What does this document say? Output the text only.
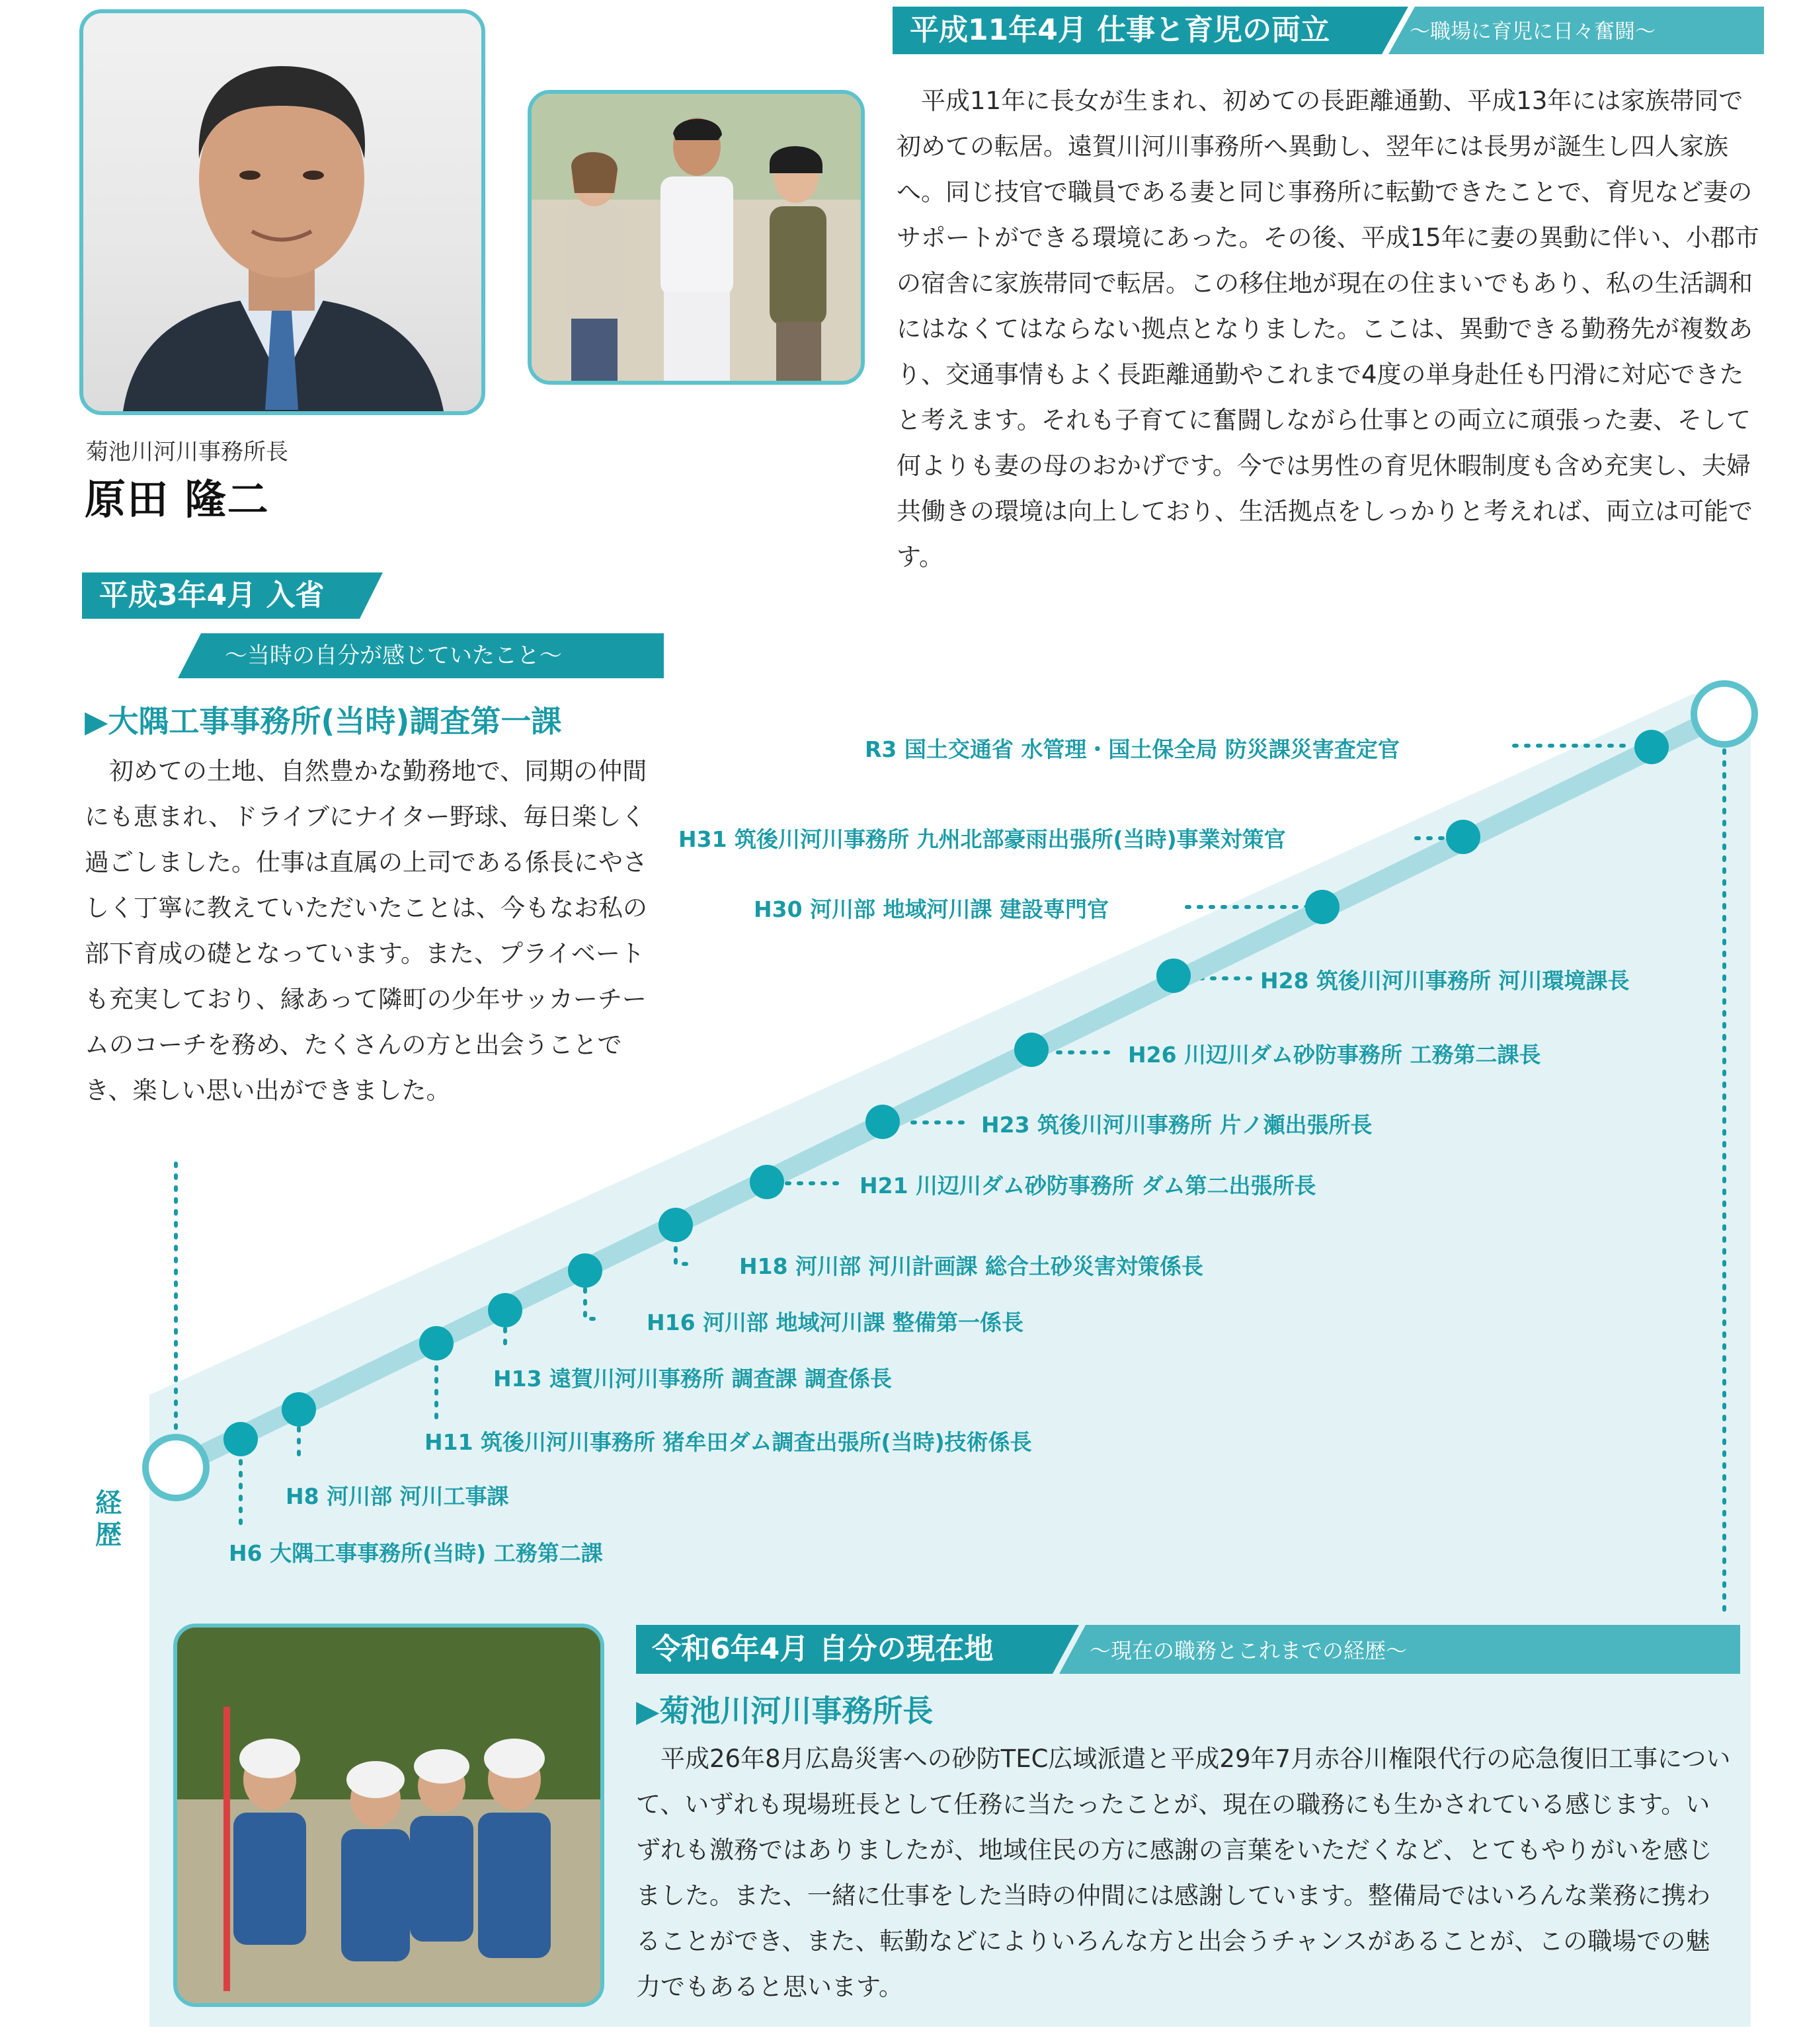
菊池川河川事務所長
原田 隆二
平成11年4月 仕事と育児の両立	～職場に育児に日々奮闘～

平成11年に長女が生まれ、初めての長距離通勤、平成13年には家族帯同で初めての転居。遠賀川河川事務所へ異動し、翌年には長男が誕生し四人家族へ。同じ技官で職員である妻と同じ事務所に転勤できたことで、育児など妻のサポートができる環境にあった。その後、平成15年に妻の異動に伴い、小郡市の宿舎に家族帯同で転居。この移住地が現在の住まいでもあり、私の生活調和にはなくてはならない拠点となりました。ここは、異動できる勤務先が複数あり、交通事情もよく長距離通勤やこれまで4度の単身赴任も円滑に対応できたと考えます。それも子育てに奮闘しながら仕事との両立に頑張った妻、そして何よりも妻の母のおかげです。今では男性の育児休暇制度も含め充実し、夫婦共働きの環境は向上しており、生活拠点をしっかりと考えれば、両立は可能です。

平成3年4月 入省
～当時の自分が感じていたこと～
▶大隅工事事務所(当時)調査第一課

初めての土地、自然豊かな勤務地で、同期の仲間にも恵まれ、ドライブにナイター野球、毎日楽しく過ごしました。仕事は直属の上司である係長にやさしく丁寧に教えていただいたことは、今もなお私の部下育成の礎となっています。また、プライベートも充実しており、縁あって隣町の少年サッカーチームのコーチを務め、たくさんの方と出会うことでき、楽しい思い出ができました。

H6 大隅工事事務所(当時) 工務第二課
H8 河川部 河川工事課
H11 筑後川河川事務所 猪牟田ダム調査出張所(当時)技術係長
H13 遠賀川河川事務所 調査課 調査係長
H16 河川部 地域河川課 整備第一係長
H18 河川部 河川計画課 総合土砂災害対策係長
H21 川辺川ダム砂防事務所 ダム第二出張所長
H23 筑後川河川事務所 片ノ瀬出張所長
H26 川辺川ダム砂防事務所 工務第二課長
H28 筑後川河川事務所 河川環境課長
H30 河川部 地域河川課 建設専門官
H31 筑後川河川事務所 九州北部豪雨出張所(当時)事業対策官
R3 国土交通省 水管理・国土保全局 防災課災害査定官
経歴
令和6年4月 自分の現在地	～現在の職務とこれまでの経歴～
▶菊池川河川事務所長

平成26年8月広島災害への砂防TEC広域派遣と平成29年7月赤谷川権限代行の応急復旧工事について、いずれも現場班長として任務に当たったことが、現在の職務にも生かされている感じます。いずれも激務ではありましたが、地域住民の方に感謝の言葉をいただくなど、とてもやりがいを感じました。また、一緒に仕事をした当時の仲間には感謝しています。整備局ではいろんな業務に携わることができ、また、転勤などによりいろんな方と出会うチャンスがあることが、この職場での魅力でもあると思います。
